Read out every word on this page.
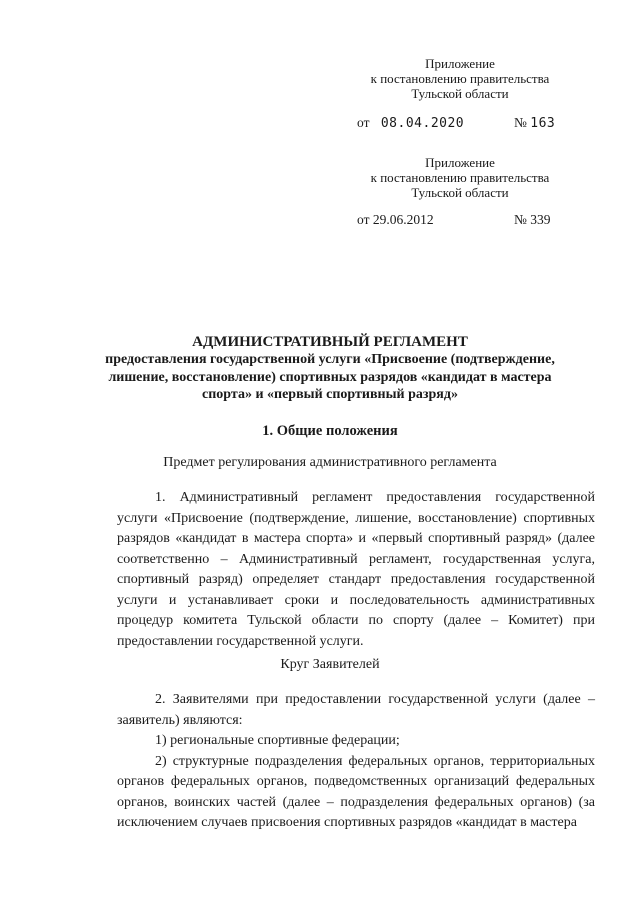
Приложение
к постановлению правительства
Тульской области
от 08.04.2020	№ 163
Приложение
к постановлению правительства
Тульской области
от 29.06.2012	№ 339
АДМИНИСТРАТИВНЫЙ РЕГЛАМЕНТ
предоставления государственной услуги «Присвоение (подтверждение,
лишение, восстановление) спортивных разрядов «кандидат в мастера
спорта» и «первый спортивный разряд»
1. Общие положения
Предмет регулирования административного регламента

1. Административный регламент предоставления государственной услуги «Присвоение (подтверждение, лишение, восстановление) спортивных разрядов «кандидат в мастера спорта» и «первый спортивный разряд» (далее соответственно – Административный регламент, государственная услуга, спортивный разряд) определяет стандарт предоставления государственной услуги и устанавливает сроки и последовательность административных процедур комитета Тульской области по спорту (далее – Комитет) при предоставлении государственной услуги.

Круг Заявителей

2. Заявителями при предоставлении государственной услуги (далее – заявитель) являются:

1) региональные спортивные федерации;

2) структурные подразделения федеральных органов, территориальных органов федеральных органов, подведомственных организаций федеральных органов, воинских частей (далее – подразделения федеральных органов) (за исключением случаев присвоения спортивных разрядов «кандидат в мастера
